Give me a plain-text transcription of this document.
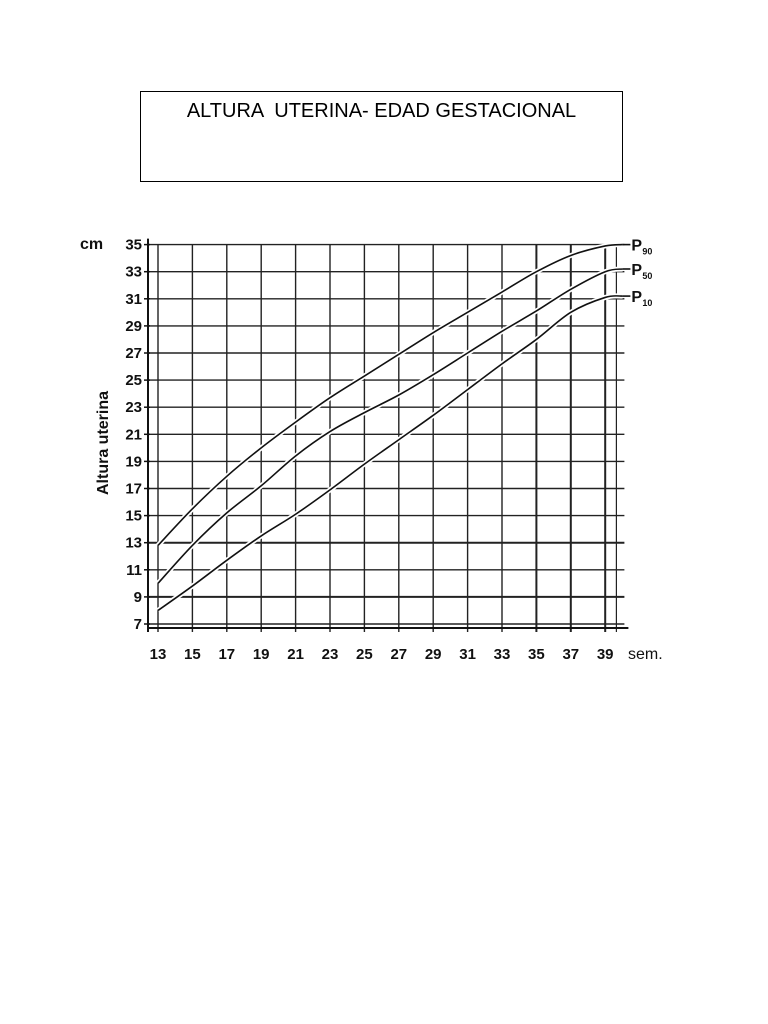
ALTURA  UTERINA- EDAD GESTACIONAL
P 90
P 50
P 10
7
9
11
13
15
17
19
21
23
25
27
29
31
33
35
13 15 17 19 21 23 25 27 29 31 33 35 37 39
cm
sem.
Altura uterina
